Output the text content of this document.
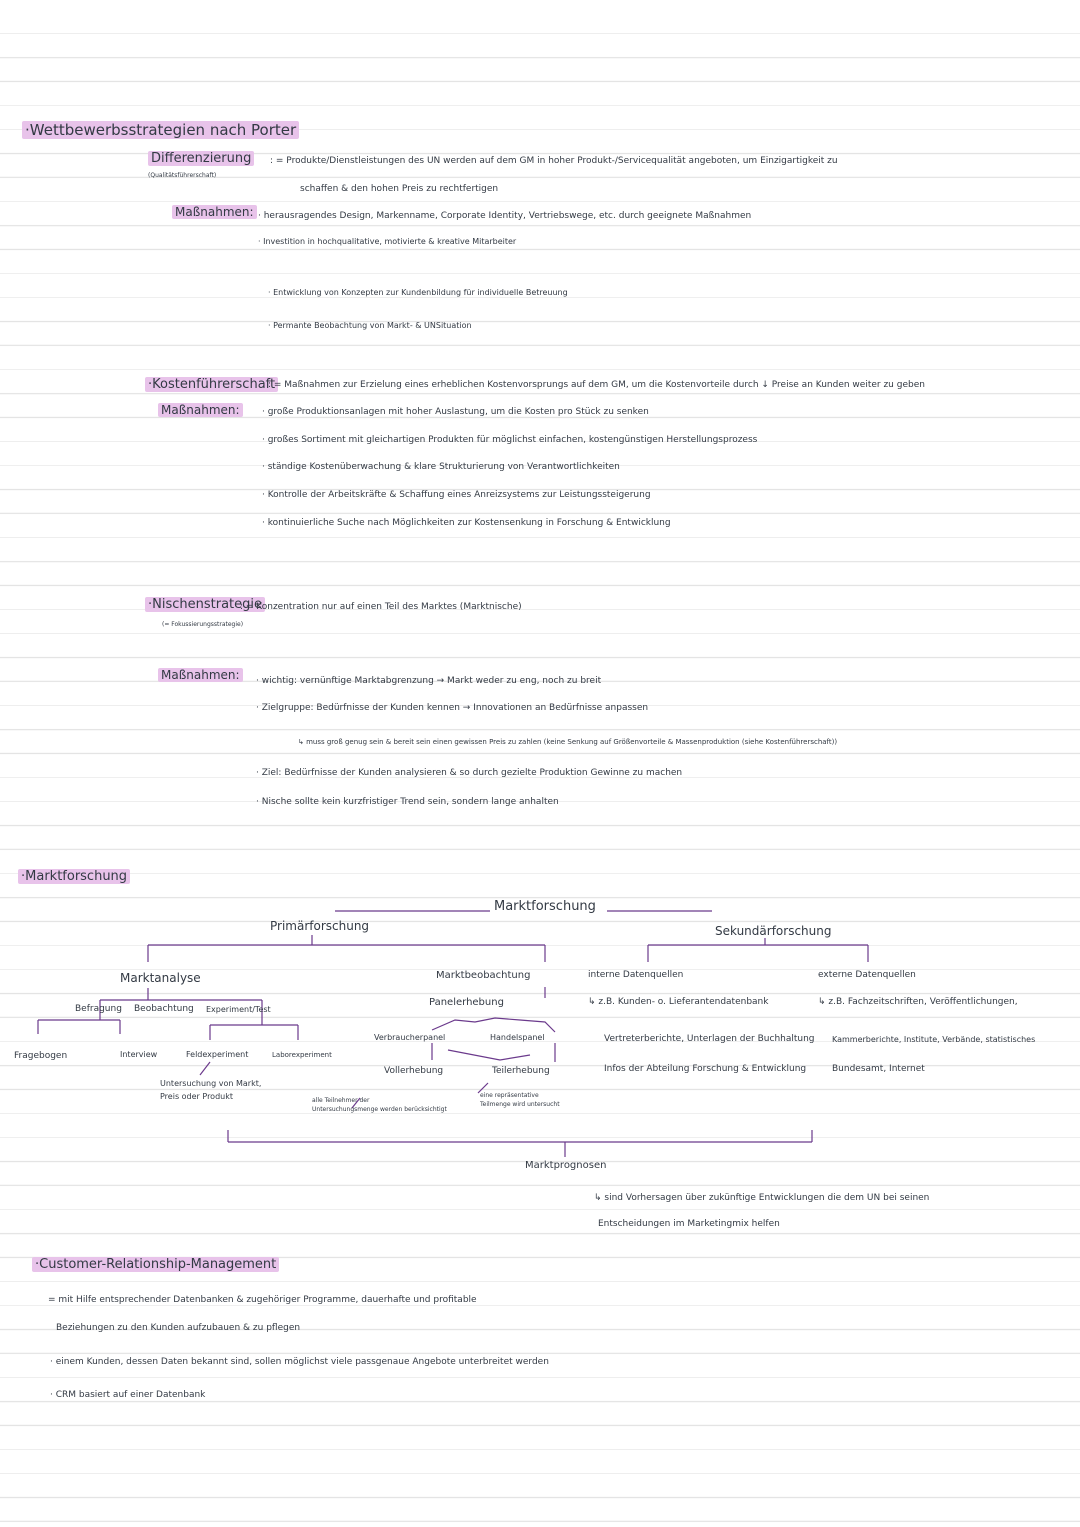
·Wettbewerbsstrategien nach Porter
Differenzierung
(Qualitätsführerschaft)
: = Produkte/Dienstleistungen des UN werden auf dem GM in hoher Produkt-/Servicequalität angeboten, um Einzigartigkeit zu
schaffen & den hohen Preis zu rechtfertigen
Maßnahmen: · herausragendes Design, Markenname, Corporate Identity, Vertriebswege, etc. durch geeignete Maßnahmen
· Investition in hochqualitative, motivierte & kreative Mitarbeiter
· Entwicklung von Konzepten zur Kundenbildung für individuelle Betreuung
· Permante Beobachtung von Markt- & UNSituation
·Kostenführerschaft
: = Maßnahmen zur Erzielung eines erheblichen Kostenvorsprungs auf dem GM, um die Kostenvorteile durch ↓ Preise an Kunden weiter zu geben
Maßnahmen:	· große Produktionsanlagen mit hoher Auslastung, um die Kosten pro Stück zu senken
· großes Sortiment mit gleichartigen Produkten für möglichst einfachen, kostengünstigen Herstellungsprozess
· ständige Kostenüberwachung & klare Strukturierung von Verantwortlichkeiten
· Kontrolle der Arbeitskräfte & Schaffung eines Anreizsystems zur Leistungssteigerung
· kontinuierliche Suche nach Möglichkeiten zur Kostensenkung in Forschung & Entwicklung
·Nischenstrategie
: = Konzentration nur auf einen Teil des Marktes (Marktnische)
(= Fokussierungsstrategie)
Maßnahmen:	· wichtig: vernünftige Marktabgrenzung → Markt weder zu eng, noch zu breit
· Zielgruppe: Bedürfnisse der Kunden kennen → Innovationen an Bedürfnisse anpassen
↳ muss groß genug sein & bereit sein einen gewissen Preis zu zahlen (keine Senkung auf Größenvorteile & Massenproduktion (siehe Kostenführerschaft))
· Ziel: Bedürfnisse der Kunden analysieren & so durch gezielte Produktion Gewinne zu machen
· Nische sollte kein kurzfristiger Trend sein, sondern lange anhalten
·Marktforschung
Marktforschung
Primärforschung	Sekundärforschung
Marktanalyse
Befragung Beobachtung Experiment/Test
Fragebogen	Interview	Feldexperiment	Laborexperiment
Untersuchung von Markt,
Preis oder Produkt
Marktbeobachtung
Panelerhebung
Verbraucherpanel	Handelspanel
Vollerhebung	Teilerhebung
alle Teilnehmer der
Untersuchungsmenge werden berücksichtigt
eine repräsentative
Teilmenge wird untersucht
interne Datenquellen
↳ z.B. Kunden- o. Lieferantendatenbank
Vertreterberichte, Unterlagen der Buchhaltung
Infos der Abteilung Forschung & Entwicklung
externe Datenquellen
↳ z.B. Fachzeitschriften, Veröffentlichungen,
Kammerberichte, Institute, Verbände, statistisches
Bundesamt, Internet
Marktprognosen
↳ sind Vorhersagen über zukünftige Entwicklungen die dem UN bei seinen
Entscheidungen im Marketingmix helfen
·Customer-Relationship-Management
= mit Hilfe entsprechender Datenbanken & zugehöriger Programme, dauerhafte und profitable
Beziehungen zu den Kunden aufzubauen & zu pflegen
· einem Kunden, dessen Daten bekannt sind, sollen möglichst viele passgenaue Angebote unterbreitet werden
· CRM basiert auf einer Datenbank
